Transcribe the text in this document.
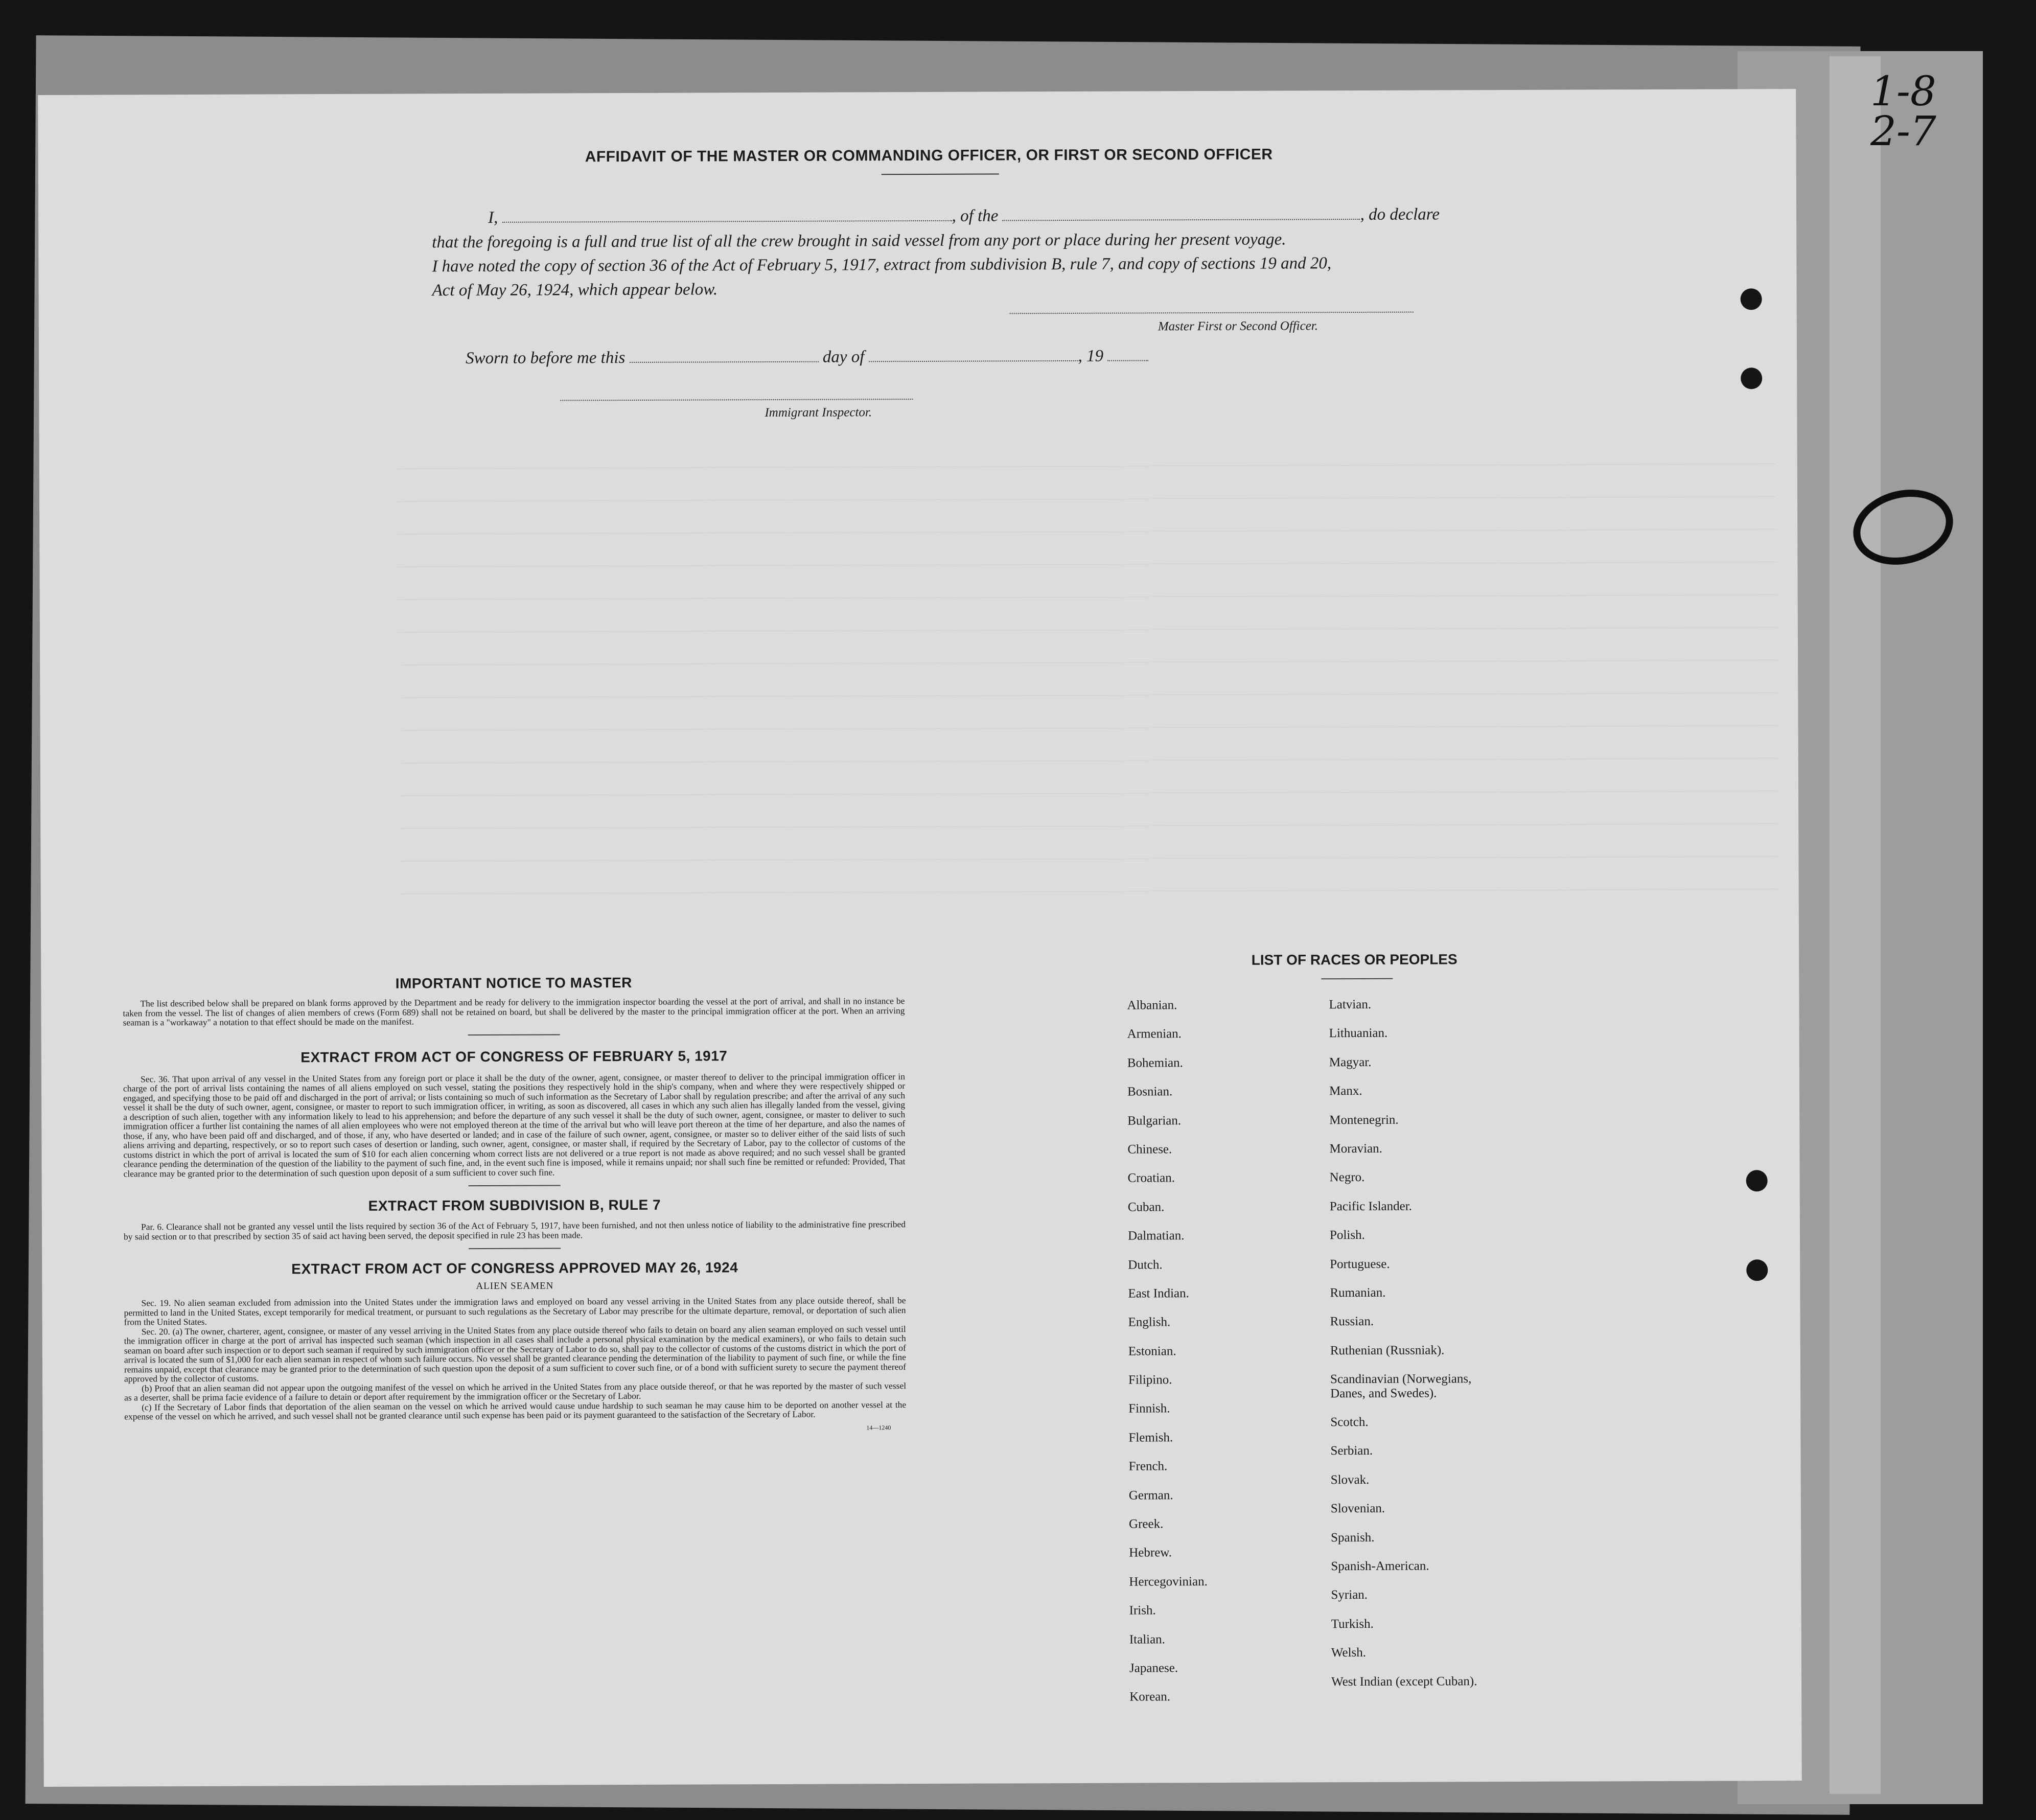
1-8
2-7
AFFIDAVIT OF THE MASTER OR COMMANDING OFFICER, OR FIRST OR SECOND OFFICER
I,	, of the	, do declare
that the foregoing is a full and true list of all the crew brought in said vessel from any port or place during her present voyage.
I have noted the copy of section 36 of the Act of February 5, 1917, extract from subdivision B, rule 7, and copy of sections 19 and 20,
Act of May 26, 1924, which appear below.
Master First or Second Officer.
Sworn to before me this	day of	, 19
Immigrant Inspector.
IMPORTANT NOTICE TO MASTER

The list described below shall be prepared on blank forms approved by the Department and be ready for delivery to the immigration inspector boarding the vessel at the port of arrival, and shall in no instance be taken from the vessel. The list of changes of alien members of crews (Form 689) shall not be retained on board, but shall be delivered by the master to the principal immigration officer at the port. When an arriving seaman is a "workaway" a notation to that effect should be made on the manifest.

EXTRACT FROM ACT OF CONGRESS OF FEBRUARY 5, 1917

Sec. 36. That upon arrival of any vessel in the United States from any foreign port or place it shall be the duty of the owner, agent, consignee, or master thereof to deliver to the principal immigration officer in charge of the port of arrival lists containing the names of all aliens employed on such vessel, stating the positions they respectively hold in the ship's company, when and where they were respectively shipped or engaged, and specifying those to be paid off and discharged in the port of arrival; or lists containing so much of such information as the Secretary of Labor shall by regulation prescribe; and after the arrival of any such vessel it shall be the duty of such owner, agent, consignee, or master to report to such immigration officer, in writing, as soon as discovered, all cases in which any such alien has illegally landed from the vessel, giving a description of such alien, together with any information likely to lead to his apprehension; and before the departure of any such vessel it shall be the duty of such owner, agent, consignee, or master to deliver to such immigration officer a further list containing the names of all alien employees who were not employed thereon at the time of the arrival but who will leave port thereon at the time of her departure, and also the names of those, if any, who have been paid off and discharged, and of those, if any, who have deserted or landed; and in case of the failure of such owner, agent, consignee, or master so to deliver either of the said lists of such aliens arriving and departing, respectively, or so to report such cases of desertion or landing, such owner, agent, consignee, or master shall, if required by the Secretary of Labor, pay to the collector of customs of the customs district in which the port of arrival is located the sum of $10 for each alien concerning whom correct lists are not delivered or a true report is not made as above required; and no such vessel shall be granted clearance pending the determination of the question of the liability to the payment of such fine, and, in the event such fine is imposed, while it remains unpaid; nor shall such fine be remitted or refunded: Provided, That clearance may be granted prior to the determination of such question upon deposit of a sum sufficient to cover such fine.

EXTRACT FROM SUBDIVISION B, RULE 7

Par. 6. Clearance shall not be granted any vessel until the lists required by section 36 of the Act of February 5, 1917, have been furnished, and not then unless notice of liability to the administrative fine prescribed by said section or to that prescribed by section 35 of said act having been served, the deposit specified in rule 23 has been made.

EXTRACT FROM ACT OF CONGRESS APPROVED MAY 26, 1924
ALIEN SEAMEN

Sec. 19. No alien seaman excluded from admission into the United States under the immigration laws and employed on board any vessel arriving in the United States from any place outside thereof, shall be permitted to land in the United States, except temporarily for medical treatment, or pursuant to such regulations as the Secretary of Labor may prescribe for the ultimate departure, removal, or deportation of such alien from the United States.

Sec. 20. (a) The owner, charterer, agent, consignee, or master of any vessel arriving in the United States from any place outside thereof who fails to detain on board any alien seaman employed on such vessel until the immigration officer in charge at the port of arrival has inspected such seaman (which inspection in all cases shall include a personal physical examination by the medical examiners), or who fails to detain such seaman on board after such inspection or to deport such seaman if required by such immigration officer or the Secretary of Labor to do so, shall pay to the collector of customs of the customs district in which the port of arrival is located the sum of $1,000 for each alien seaman in respect of whom such failure occurs. No vessel shall be granted clearance pending the determination of the liability to payment of such fine, or while the fine remains unpaid, except that clearance may be granted prior to the determination of such question upon the deposit of a sum sufficient to cover such fine, or of a bond with sufficient surety to secure the payment thereof approved by the collector of customs.

(b) Proof that an alien seaman did not appear upon the outgoing manifest of the vessel on which he arrived in the United States from any place outside thereof, or that he was reported by the master of such vessel as a deserter, shall be prima facie evidence of a failure to detain or deport after requirement by the immigration officer or the Secretary of Labor.

(c) If the Secretary of Labor finds that deportation of the alien seaman on the vessel on which he arrived would cause undue hardship to such seaman he may cause him to be deported on another vessel at the expense of the vessel on which he arrived, and such vessel shall not be granted clearance until such expense has been paid or its payment guaranteed to the satisfaction of the Secretary of Labor.

14—1240
LIST OF RACES OR PEOPLES
Albanian.
Armenian.
Bohemian.
Bosnian.
Bulgarian.
Chinese.
Croatian.
Cuban.
Dalmatian.
Dutch.
East Indian.
English.
Estonian.
Filipino.
Finnish.
Flemish.
French.
German.
Greek.
Hebrew.
Hercegovinian.
Irish.
Italian.
Japanese.
Korean.
Latvian.
Lithuanian.
Magyar.
Manx.
Montenegrin.
Moravian.
Negro.
Pacific Islander.
Polish.
Portuguese.
Rumanian.
Russian.
Ruthenian (Russniak).
Scandinavian (Norwegians, Danes, and Swedes).
Scotch.
Serbian.
Slovak.
Slovenian.
Spanish.
Spanish-American.
Syrian.
Turkish.
Welsh.
West Indian (except Cuban).
